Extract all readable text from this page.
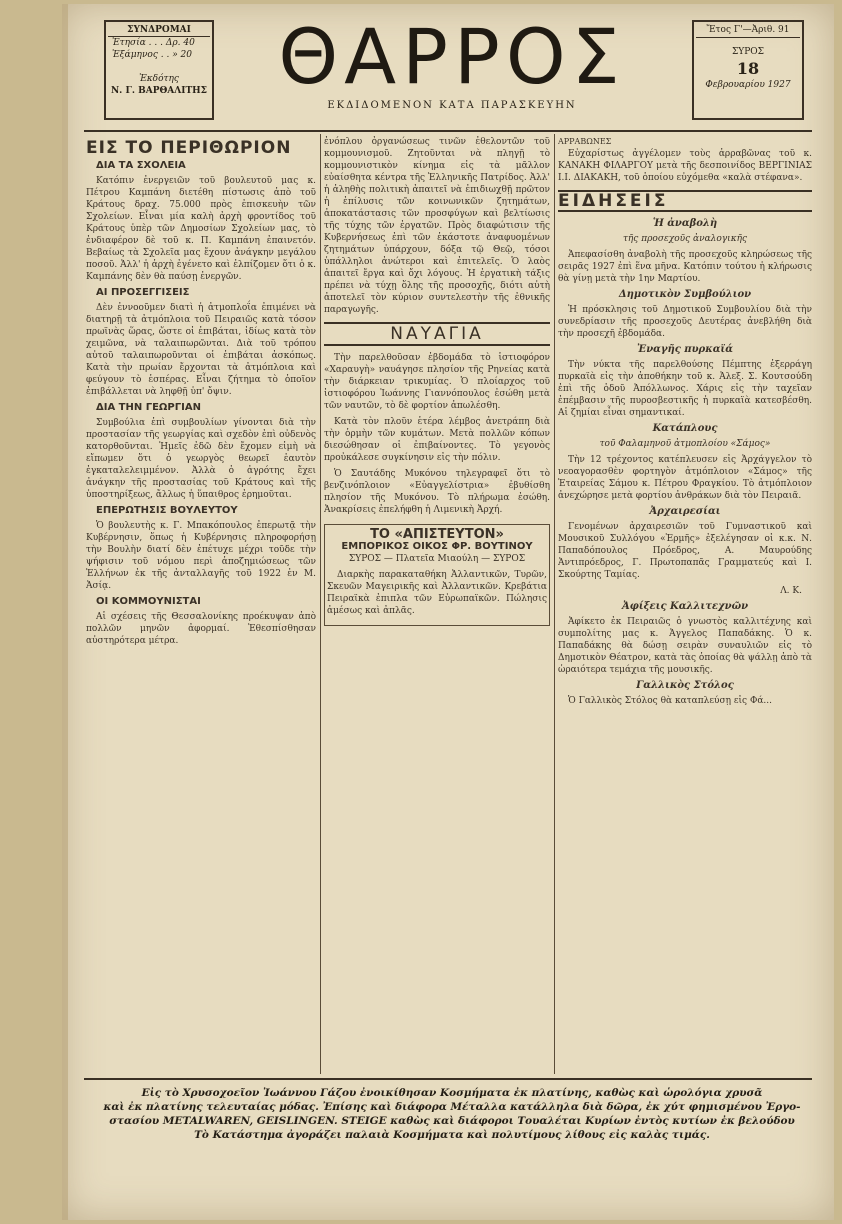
ΣΥΝΔΡΟΜΑΙ
Ἐτησία . . . Δρ. 40
Ἐξάμηνος . . » 20
Ἐκδότης
Ν. Γ. ΒΑΡΘΑΛΙΤΗΣ ΘΑΡΡΟΣ
ΕΚΔΙΔΟΜΕΝΟΝ ΚΑΤΑ ΠΑΡΑΣΚΕΥΗΝ
Ἔτος Γ'—Ἀριθ. 91
ΣΥΡΟΣ
18
Φεβρουαρίου 1927
ΕΙΣ ΤΟ ΠΕΡΙΘΩΡΙΟΝ
ΔΙΑ ΤΑ ΣΧΟΛΕΙΑ

Κατόπιν ἐνεργειῶν τοῦ βουλευτοῦ μας κ. Πέτρου Καμπάνη διετέθη πίστωσις ἀπὸ τοῦ Κράτους δραχ. 75.000 πρὸς ἐπισκευὴν τῶν Σχολείων. Εἶναι μία καλὴ ἀρχὴ φροντίδος τοῦ Κράτους ὑπὲρ τῶν Δημοσίων Σχολείων μας, τὸ ἐνδιαφέρον δὲ τοῦ κ. Π. Καμπάνη ἐπαινετόν. Βεβαίως τὰ Σχολεῖα μας ἔχουν ἀνάγκην μεγάλου ποσοῦ. Ἀλλ' ἡ ἀρχὴ ἐγένετο καὶ ἐλπίζομεν ὅτι ὁ κ. Καμπάνης δὲν θὰ παύσῃ ἐνεργῶν.

ΑΙ ΠΡΟΣΕΓΓΙΣΕΙΣ

Δὲν ἐννοοῦμεν διατὶ ἡ ἀτμοπλοΐα ἐπιμένει νὰ διατηρῇ τὰ ἀτμόπλοια τοῦ Πειραιῶς κατὰ τόσον πρωϊνὰς ὥρας, ὥστε οἱ ἐπιβάται, ἰδίως κατὰ τὸν χειμῶνα, νὰ ταλαιπωρῶνται. Διὰ τοῦ τρόπου αὐτοῦ ταλαιπωροῦνται οἱ ἐπιβάται ἀσκόπως. Κατὰ τὴν πρωίαν ἔρχονται τὰ ἀτμόπλοια καὶ φεύγουν τὸ ἑσπέρας. Εἶναι ζήτημα τὸ ὁποῖον ἐπιβάλλεται νὰ ληφθῇ ὑπ' ὄψιν.

ΔΙΑ ΤΗΝ ΓΕΩΡΓΙΑΝ

Συμβούλια ἐπὶ συμβουλίων γίνονται διὰ τὴν προστασίαν τῆς γεωργίας καὶ σχεδὸν ἐπὶ οὐδενὸς κατορθοῦνται. Ἡμεῖς ἐδῶ δὲν ἔχομεν εἰμὴ νὰ εἴπωμεν ὅτι ὁ γεωργὸς θεωρεῖ ἑαυτὸν ἐγκαταλελειμμένον. Ἀλλὰ ὁ ἀγρότης ἔχει ἀνάγκην τῆς προστασίας τοῦ Κράτους καὶ τῆς ὑποστηρίξεως, ἄλλως ἡ ὕπαιθρος ἐρημοῦται.

ΕΠΕΡΩΤΗΣΙΣ ΒΟΥΛΕΥΤΟΥ

Ὁ βουλευτὴς κ. Γ. Μπακόπουλος ἐπερωτᾷ τὴν Κυβέρνησιν, ὅπως ἡ Κυβέρνησις πληροφορήσῃ τὴν Βουλὴν διατί δὲν ἐπέτυχε μέχρι τοῦδε τὴν ψήφισιν τοῦ νόμου περὶ ἀποζημιώσεως τῶν Ἑλλήνων ἐκ τῆς ἀνταλλαγῆς τοῦ 1922 ἐν Μ. Ἀσίᾳ.

ΟΙ ΚΟΜΜΟΥΝΙΣΤΑΙ

Αἱ σχέσεις τῆς Θεσσαλονίκης προέκυψαν ἀπὸ πολλῶν μηνῶν ἀφορμαί. Ἐθεσπίσθησαν αὐστηρότερα μέτρα.

ἐνόπλου ὀργανώσεως τινῶν ἐθελοντῶν τοῦ κομμουνισμοῦ. Ζητοῦνται νὰ πληγῇ τὸ κομμουνιστικὸν κίνημα εἰς τὰ μᾶλλον εὐαίσθητα κέντρα τῆς Ἑλληνικῆς Πατρίδος. Ἀλλ' ἡ ἀληθὴς πολιτικὴ ἀπαιτεῖ νὰ ἐπιδιωχθῇ πρῶτον ἡ ἐπίλυσις τῶν κοινωνικῶν ζητημάτων, ἀποκατάστασις τῶν προσφύγων καὶ βελτίωσις τῆς τύχης τῶν ἐργατῶν. Πρὸς διαφώτισιν τῆς Κυβερνήσεως ἐπὶ τῶν ἐκάστοτε ἀναφυομένων ζητημάτων ὑπάρχουν, δόξα τῷ Θεῷ, τόσοι ὑπάλληλοι ἀνώτεροι καὶ ἐπιτελεῖς. Ὁ λαὸς ἀπαιτεῖ ἔργα καὶ ὄχι λόγους. Ἡ ἐργατικὴ τάξις πρέπει νὰ τύχῃ ὅλης τῆς προσοχῆς, διότι αὐτὴ ἀποτελεῖ τὸν κύριον συντελεστὴν τῆς ἐθνικῆς παραγωγῆς.

ΝΑΥΑΓΙΑ

Τὴν παρελθοῦσαν ἑβδομάδα τὸ ἱστιοφόρον «Χαραυγὴ» ναυάγησε πλησίον τῆς Ρηνείας κατὰ τὴν διάρκειαν τρικυμίας. Ὁ πλοίαρχος τοῦ ἱστιοφόρου Ἰωάννης Γιαννόπουλος ἐσώθη μετὰ τῶν ναυτῶν, τὸ δὲ φορτίον ἀπωλέσθη.

Κατὰ τὸν πλοῦν ἑτέρα λέμβος ἀνετράπη διὰ τὴν ὁρμὴν τῶν κυμάτων. Μετὰ πολλῶν κόπων διεσώθησαν οἱ ἐπιβαίνοντες. Τὸ γεγονὸς προὐκάλεσε συγκίνησιν εἰς τὴν πόλιν.

Ὁ Σαυτάδης Μυκόνου τηλεγραφεῖ ὅτι τὸ βενζινόπλοιον «Εὐαγγελίστρια» ἐβυθίσθη πλησίον τῆς Μυκόνου. Τὸ πλήρωμα ἐσώθη. Ἀνακρίσεις ἐπελήφθη ἡ Λιμενικὴ Ἀρχή.

ΤΟ «ΑΠΙΣΤΕΥΤΟΝ»
ΕΜΠΟΡΙΚΟΣ ΟΙΚΟΣ ΦΡ. ΒΟΥΤΙΝΟΥ
ΣΥΡΟΣ — Πλατεῖα Μιαούλη — ΣΥΡΟΣ

Διαρκὴς παρακαταθήκη Ἀλλαντικῶν, Τυρῶν, Σκευῶν Μαγειρικῆς καὶ Ἀλλαντικῶν. Κρεβάτια Πειραϊκὰ ἐπιπλα τῶν Εὐρωπαϊκῶν. Πώλησις ἀμέσως καὶ ἀπλᾶς.

ΑΡΡΑΒΩΝΕΣ

Εὐχαρίστως ἀγγέλομεν τοὺς ἀρραβῶνας τοῦ κ. ΚΑΝΑΚΗ ΦΙΛΑΡΓΟΥ μετὰ τῆς δεσποινίδος ΒΕΡΓΙΝΙΑΣ Ι.Ι. ΔΙΑΚΑΚΗ, τοῦ ὁποίου εὐχόμεθα «καλὰ στέφανα».

ΕΙΔΗΣΕΙΣ
Ἡ ἀναβολὴ
τῆς προσεχοῦς ἀναλογικῆς

Ἀπεφασίσθη ἀναβολὴ τῆς προσεχοῦς κληρώσεως τῆς σειρᾶς 1927 ἐπὶ ἕνα μῆνα. Κατόπιν τούτου ἡ κλήρωσις θὰ γίνῃ μετὰ τὴν 1ην Μαρτίου.

Δημοτικὸν Συμβούλιον

Ἡ πρόσκλησις τοῦ Δημοτικοῦ Συμβουλίου διὰ τὴν συνεδρίασιν τῆς προσεχοῦς Δευτέρας ἀνεβλήθη διὰ τὴν προσεχῆ ἑβδομάδα.

Ἐναγῆς πυρκαϊά

Τὴν νύκτα τῆς παρελθούσης Πέμπτης ἐξερράγη πυρκαϊὰ εἰς τὴν ἀποθήκην τοῦ κ. Ἀλεξ. Σ. Κουτσούδη ἐπὶ τῆς ὁδοῦ Ἀπόλλωνος. Χάρις εἰς τὴν ταχεῖαν ἐπέμβασιν τῆς πυροσβεστικῆς ἡ πυρκαϊὰ κατεσβέσθη. Αἱ ζημίαι εἶναι σημαντικαί.

Κατάπλους
τοῦ Φαλαμηνοῦ ἀτμοπλοίου «Σάμος»

Τὴν 12 τρέχοντος κατέπλευσεν εἰς Ἀρχάγγελον τὸ νεοαγορασθὲν φορτηγὸν ἀτμόπλοιον «Σάμος» τῆς Ἑταιρείας Σάμου κ. Πέτρου Φραγκίου. Τὸ ἀτμόπλοιον ἀνεχώρησε μετὰ φορτίου ἀνθράκων διὰ τὸν Πειραιᾶ.

Ἀρχαιρεσίαι

Γενομένων ἀρχαιρεσιῶν τοῦ Γυμναστικοῦ καὶ Μουσικοῦ Συλλόγου «Ἑρμῆς» ἐξελέγησαν οἱ κ.κ. Ν. Παπαδόπουλος Πρόεδρος, Α. Μαυρούδης Ἀντιπρόεδρος, Γ. Πρωτοπαπᾶς Γραμματεύς καὶ Ι. Σκούρτης Ταμίας.

Λ. Κ.
Ἀφίξεις Καλλιτεχνῶν

Ἀφίκετο ἐκ Πειραιῶς ὁ γνωστὸς καλλιτέχνης καὶ συμπολίτης μας κ. Ἀγγελος Παπαδάκης. Ὁ κ. Παπαδάκης θὰ δώσῃ σειρὰν συναυλιῶν εἰς τὸ Δημοτικὸν Θέατρον, κατὰ τὰς ὁποίας θὰ ψάλλῃ ἀπὸ τὰ ὡραιότερα τεμάχια τῆς μουσικῆς.

Γαλλικὸς Στόλος

Ὁ Γαλλικὸς Στόλος θὰ καταπλεύσῃ εἰς Φά...

Εἰς τὸ Χρυσοχοεῖον Ἰωάννου Γάζου ἐνοικίθησαν Κοσμήματα ἐκ πλατίνης, καθὼς καὶ ὡρολόγια χρυσᾶ
καὶ ἐκ πλατίνης τελευταίας μόδας. Ἐπίσης καὶ διάφορα Μέταλλα κατάλληλα διὰ δῶρα, ἐκ χύτ φημισμένου Ἐργο-
στασίου METALWAREN, GEISLINGEN. STEIGE καθὼς καὶ διάφοροι Τουαλέται Κυρίων ἐντὸς κυτίων ἐκ βελούδου
Τὸ Κατάστημα ἀγοράζει παλαιὰ Κοσμήματα καὶ πολυτίμους λίθους εἰς καλὰς τιμάς.
